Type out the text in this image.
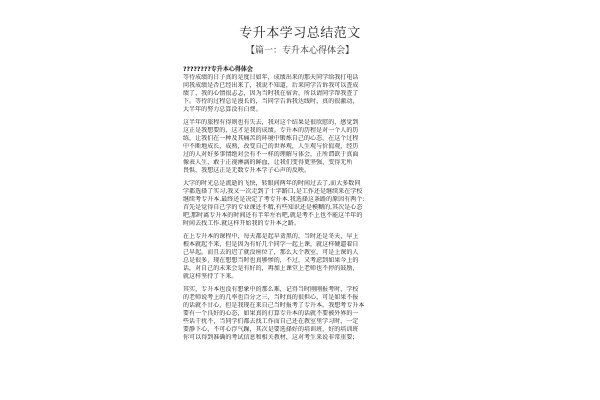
专升本学习总结范文
【篇一：专升本心得体会】

????????专升本心得体会

等待成绩的日子真的是度日如年，成绩出来的那天同学给我打电话
问我成绩是否已经出来了，我说不知道，后来同学告诉我可以查成
绩了，我的心情很忐忑，因为当时我在宿舍，所以请同学帮我查了
下。等待的过程总是漫长的，当同学告诉我达线时，真的很激动，
大半年的努力总算没有白费。

这半年的旅程有得则也有失去，我对这个结果是很欣慰的，感觉到
这正是我想要的，这才是我的成绩。专升本的历程是对一个人的历
练，让我们在一种及其痛苦的环境中锻炼自己的心态，在这个过程
中不断地成长，成熟，改变自己的世界观，人生观与价值观，经历
过的人对好多事情绝对会有不一样的理解与体会，正所谓欲于真面
像表人生，敢于正视淋漓的鲜血，让我们变得更坚强，变得无所
畏惧，我想这正是无数专升本学子心声的反映。

大学的时光总是流逝的飞快，转眼间两年的时间过去了,而大多数同
学都选择了实习,我又一次走到了十字路口,是工作还是继续来在学校
继续考专升本.最终还是决定了考专升本.我选择这条路的原因有两个:
首先是觉得自己学的专业课还不精,有些知识还是模糊的,其次是心态
吧,那时离专升本的时间还有半年左右吧,就是考不上也不能这半年的
时间去找工作.就这样开始我的专升本之路。

在上专升本的课程中，每天都是起早贪黑的，当时还是冬天，早上
根本就起不来，但是因为有好几个同学一起上课，就这样硬逼着自
己早起。而且去的迟了就没座位了，那么大个教室，可是上课的人
总是很多，现在想想当时也真够惨的，不过，又考虑到如果今上的
话，对自己的未来会是有好的，再加上课堂上老师也不停的鼓励，
就这样坚持了下来。

其实，专升本也没有想象中的那么难，记得当时刚刚报考时，学校
的老师说考上的几率也百分之三，当时真的很担心，可是如果不报
的话就不甘心，但是我现在来自己当时报考了专升本。我想考专升本
要有一个良好的心态，如果真的打算专升本的话就不要被外界的一
些话干扰不，当同学们都去找工作而自己还在教室里学习时，一定
要静下心，不可心浮气躁，其次是要选择好的培训班，好的培训班
你可以得到准确的考试信息和相关教材，这对考生来说非常重要;
